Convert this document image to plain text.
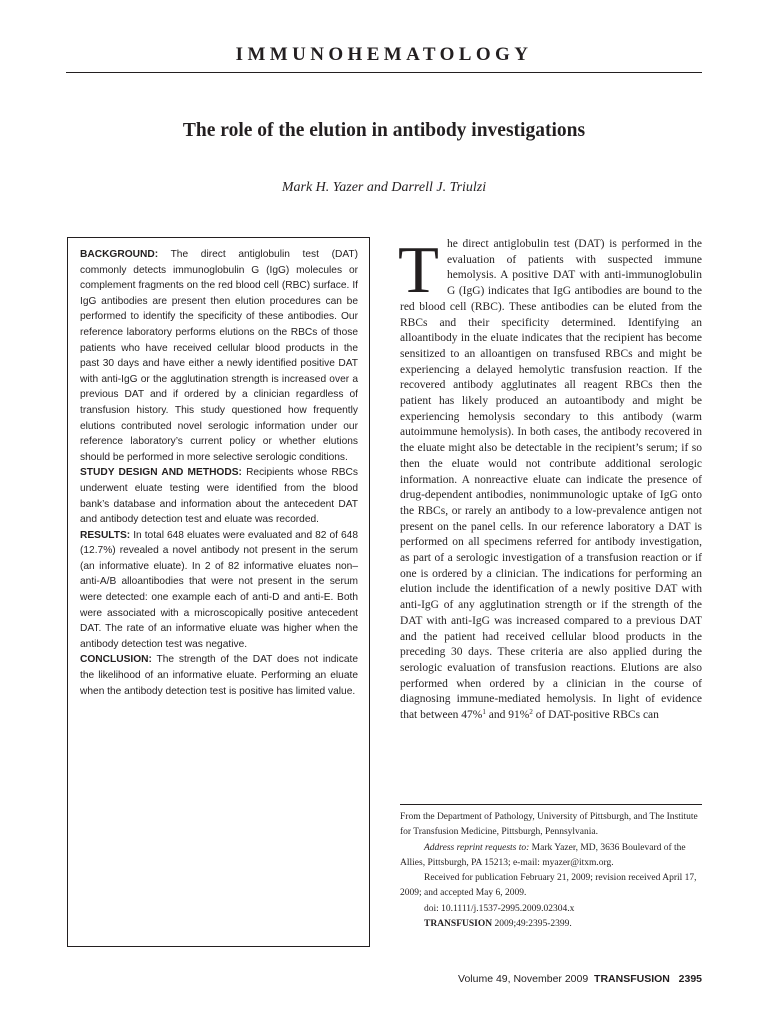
IMMUNOHEMATOLOGY
The role of the elution in antibody investigations
Mark H. Yazer and Darrell J. Triulzi

BACKGROUND: The direct antiglobulin test (DAT) commonly detects immunoglobulin G (IgG) molecules or complement fragments on the red blood cell (RBC) surface. If IgG antibodies are present then elution procedures can be performed to identify the specificity of these antibodies. Our reference laboratory performs elutions on the RBCs of those patients who have received cellular blood products in the past 30 days and have either a newly identified positive DAT with anti-IgG or the agglutination strength is increased over a previous DAT and if ordered by a clinician regardless of transfusion history. This study questioned how frequently elutions contributed novel serologic information under our reference laboratory’s current policy or whether elutions should be performed in more selective serologic conditions.

STUDY DESIGN AND METHODS: Recipients whose RBCs underwent eluate testing were identified from the blood bank’s database and information about the antecedent DAT and antibody detection test and eluate was recorded.

RESULTS: In total 648 eluates were evaluated and 82 of 648 (12.7%) revealed a novel antibody not present in the serum (an informative eluate). In 2 of 82 informative eluates non–anti-A/B alloantibodies that were not present in the serum were detected: one example each of anti-D and anti-E. Both were associated with a microscopically positive antecedent DAT. The rate of an informative eluate was higher when the antibody detection test was negative.

CONCLUSION: The strength of the DAT does not indicate the likelihood of an informative eluate. Performing an eluate when the antibody detection test is positive has limited value.

The direct antiglobulin test (DAT) is performed in the evaluation of patients with suspected immune hemolysis. A positive DAT with anti-immunoglobulin G (IgG) indicates that IgG antibodies are bound to the red blood cell (RBC). These antibodies can be eluted from the RBCs and their specificity determined. Identifying an alloantibody in the eluate indicates that the recipient has become sensitized to an alloantigen on transfused RBCs and might be experiencing a delayed hemolytic transfusion reaction. If the recovered antibody agglutinates all reagent RBCs then the patient has likely produced an autoantibody and might be experiencing hemolysis secondary to this antibody (warm autoimmune hemolysis). In both cases, the antibody recovered in the eluate might also be detectable in the recipient’s serum; if so then the eluate would not contribute additional serologic information. A nonreactive eluate can indicate the presence of drug-dependent antibodies, nonimmunologic uptake of IgG onto the RBCs, or rarely an antibody to a low-prevalence antigen not present on the panel cells. In our reference laboratory a DAT is performed on all specimens referred for antibody investigation, as part of a serologic investigation of a transfusion reaction or if one is ordered by a clinician. The indications for performing an elution include the identification of a newly positive DAT with anti-IgG of any agglutination strength or if the strength of the DAT with anti-IgG was increased compared to a previous DAT and the patient had received cellular blood products in the preceding 30 days. These criteria are also applied during the serologic evaluation of transfusion reactions. Elutions are also performed when ordered by a clinician in the course of diagnosing immune-mediated hemolysis. In light of evidence that between 47%$^1$ and 91%$^2$ of DAT-positive RBCs can

From the Department of Pathology, University of Pittsburgh, and The Institute for Transfusion Medicine, Pittsburgh, Pennsylvania.

Address reprint requests to: Mark Yazer, MD, 3636 Boulevard of the Allies, Pittsburgh, PA 15213; e-mail: myazer@itxm.org.

Received for publication February 21, 2009; revision received April 17, 2009; and accepted May 6, 2009.

doi: 10.1111/j.1537-2995.2009.02304.x

TRANSFUSION 2009;49:2395-2399.

Volume 49, November 2009 TRANSFUSION 2395
